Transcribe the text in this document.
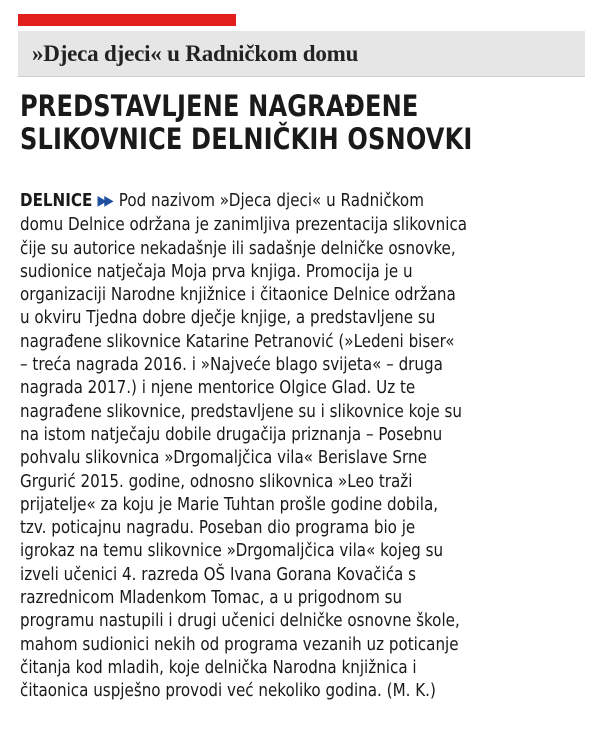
»Djeca djeci« u Radničkom domu
PREDSTAVLJENE NAGRAĐENE
SLIKOVNICE DELNIČKIH OSNOVKI
DELNICE ▶▶ Pod nazivom »Djeca djeci« u Radničkom
domu Delnice održana je zanimljiva prezentacija slikovnica
čije su autorice nekadašnje ili sadašnje delničke osnovke,
sudionice natječaja Moja prva knjiga. Promocija je u
organizaciji Narodne knjižnice i čitaonice Delnice održana
u okviru Tjedna dobre dječje knjige, a predstavljene su
nagrađene slikovnice Katarine Petranović (»Ledeni biser«
– treća nagrada 2016. i »Najveće blago svijeta« – druga
nagrada 2017.) i njene mentorice Olgice Glad. Uz te
nagrađene slikovnice, predstavljene su i slikovnice koje su
na istom natječaju dobile drugačija priznanja – Posebnu
pohvalu slikovnica »Drgomaljčica vila« Berislave Srne
Grgurić 2015. godine, odnosno slikovnica »Leo traži
prijatelje« za koju je Marie Tuhtan prošle godine dobila,
tzv. poticajnu nagradu. Poseban dio programa bio je
igrokaz na temu slikovnice »Drgomaljčica vila« kojeg su
izveli učenici 4. razreda OŠ Ivana Gorana Kovačića s
razrednicom Mladenkom Tomac, a u prigodnom su
programu nastupili i drugi učenici delničke osnovne škole,
mahom sudionici nekih od programa vezanih uz poticanje
čitanja kod mladih, koje delnička Narodna knjižnica i
čitaonica uspješno provodi već nekoliko godina. (M. K.)
